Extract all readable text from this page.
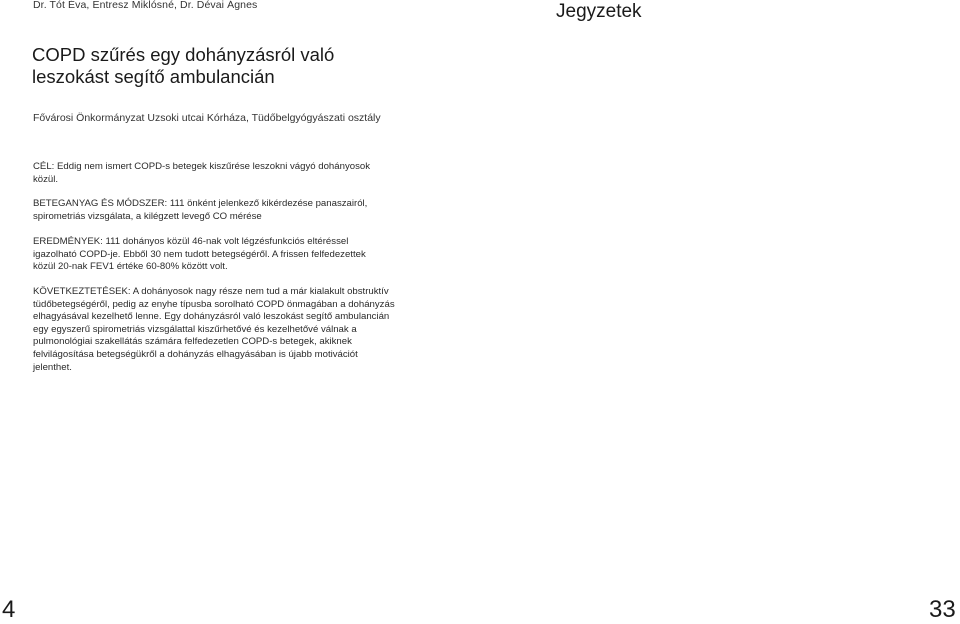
Dr. Tót Éva, Entresz Miklósné, Dr. Dévai Ágnes	Jegyzetek
COPD szűrés egy dohányzásról való
leszokást segítő ambulancián
Fővárosi Önkormányzat Uzsoki utcai Kórháza, Tüdőbelgyógyászati osztály

CÉL: Eddig nem ismert COPD-s betegek kiszűrése leszokni vágyó dohányosok
közül.

BETEGANYAG ÉS MÓDSZER: 111 önként jelenkező kikérdezése panaszairól,
spirometriás vizsgálata, a kilégzett levegő CO mérése

EREDMÉNYEK: 111 dohányos közül 46-nak volt légzésfunkciós eltéréssel
igazolható COPD-je. Ebből 30 nem tudott betegségéről. A frissen felfedezettek
közül 20-nak FEV1 értéke 60-80% között volt.

KÖVETKEZTETÉSEK: A dohányosok nagy része nem tud a már kialakult obstruktív
tüdőbetegségéről, pedig az enyhe típusba sorolható COPD önmagában a dohányzás
elhagyásával kezelhető lenne. Egy dohányzásról való leszokást segítő ambulancián
egy egyszerű spirometriás vizsgálattal kiszűrhetővé és kezelhetővé válnak a
pulmonológiai szakellátás számára felfedezetlen COPD-s betegek, akiknek
felvilágosítása betegségükről a dohányzás elhagyásában is újabb motivációt
jelenthet.

4	33
